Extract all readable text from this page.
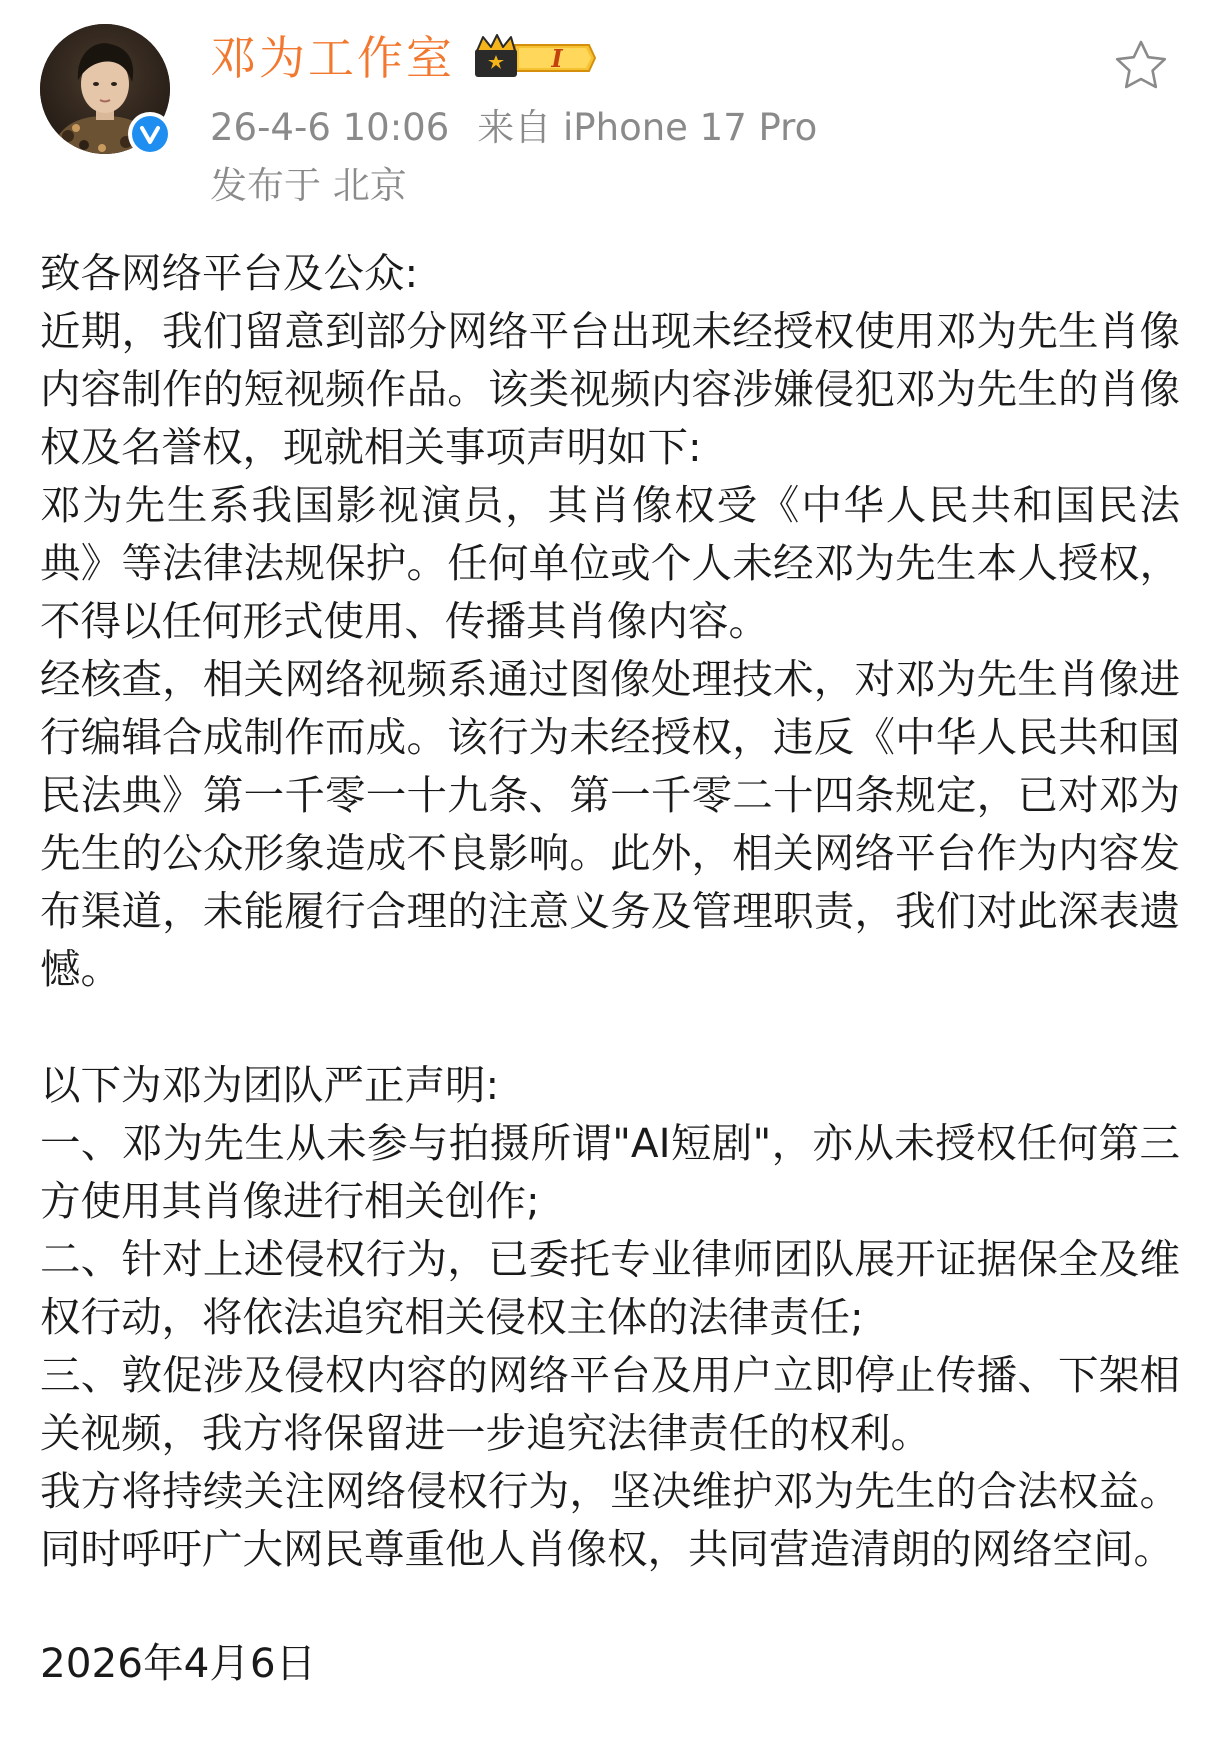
邓为工作室	I
26-4-6 10:06 来自 iPhone 17 Pro
发布于 北京

致各网络平台及公众:

近期，我们留意到部分网络平台出现未经授权使用邓为先生肖像内容制作的短视频作品。该类视频内容涉嫌侵犯邓为先生的肖像权及名誉权，现就相关事项声明如下:

邓为先生系我国影视演员，其肖像权受《中华人民共和国民法典》等法律法规保护。任何单位或个人未经邓为先生本人授权，不得以任何形式使用、传播其肖像内容。

经核查，相关网络视频系通过图像处理技术，对邓为先生肖像进行编辑合成制作而成。该行为未经授权，违反《中华人民共和国民法典》第一千零一十九条、第一千零二十四条规定，已对邓为先生的公众形象造成不良影响。此外，相关网络平台作为内容发布渠道，未能履行合理的注意义务及管理职责，我们对此深表遗憾。

以下为邓为团队严正声明:

一、邓为先生从未参与拍摄所谓"AI短剧"，亦从未授权任何第三方使用其肖像进行相关创作;

二、针对上述侵权行为，已委托专业律师团队展开证据保全及维权行动，将依法追究相关侵权主体的法律责任;

三、敦促涉及侵权内容的网络平台及用户立即停止传播、下架相关视频，我方将保留进一步追究法律责任的权利。

我方将持续关注网络侵权行为，坚决维护邓为先生的合法权益。同时呼吁广大网民尊重他人肖像权，共同营造清朗的网络空间。

2026年4月6日
